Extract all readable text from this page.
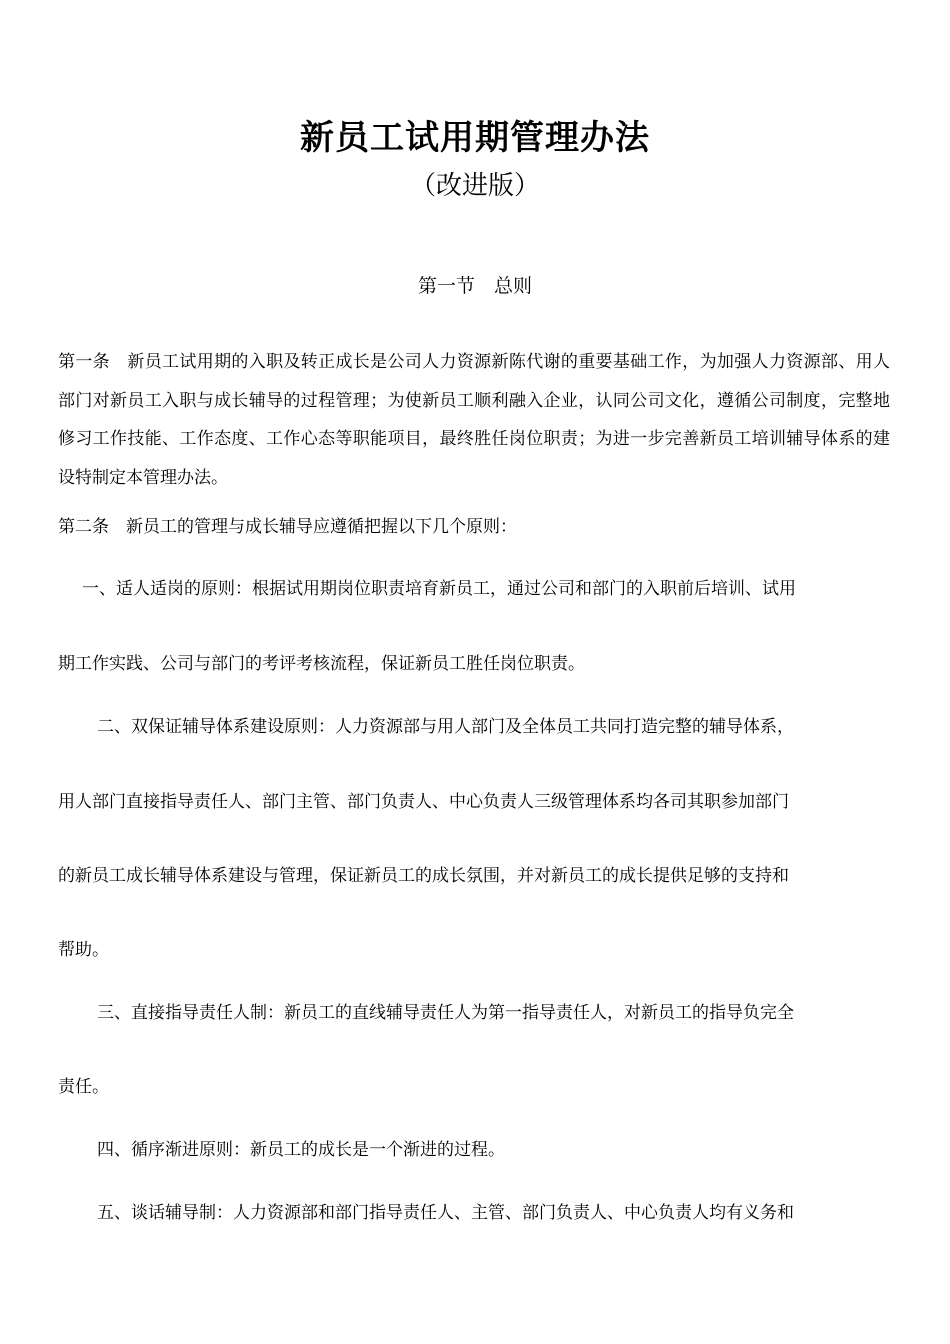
新员工试用期管理办法
（改进版）
第一节　总则

第一条　新员工试用期的入职及转正成长是公司人力资源新陈代谢的重要基础工作，为加强人力资源部、用人部门对新员工入职与成长辅导的过程管理；为使新员工顺利融入企业，认同公司文化，遵循公司制度，完整地修习工作技能、工作态度、工作心态等职能项目，最终胜任岗位职责；为进一步完善新员工培训辅导体系的建设特制定本管理办法。

第二条　新员工的管理与成长辅导应遵循把握以下几个原则：

一、适人适岗的原则：根据试用期岗位职责培育新员工，通过公司和部门的入职前后培训、试用

期工作实践、公司与部门的考评考核流程，保证新员工胜任岗位职责。

二、双保证辅导体系建设原则：人力资源部与用人部门及全体员工共同打造完整的辅导体系，

用人部门直接指导责任人、部门主管、部门负责人、中心负责人三级管理体系均各司其职参加部门

的新员工成长辅导体系建设与管理，保证新员工的成长氛围，并对新员工的成长提供足够的支持和

帮助。

三、直接指导责任人制：新员工的直线辅导责任人为第一指导责任人，对新员工的指导负完全

责任。

四、循序渐进原则：新员工的成长是一个渐进的过程。

五、谈话辅导制：人力资源部和部门指导责任人、主管、部门负责人、中心负责人均有义务和
